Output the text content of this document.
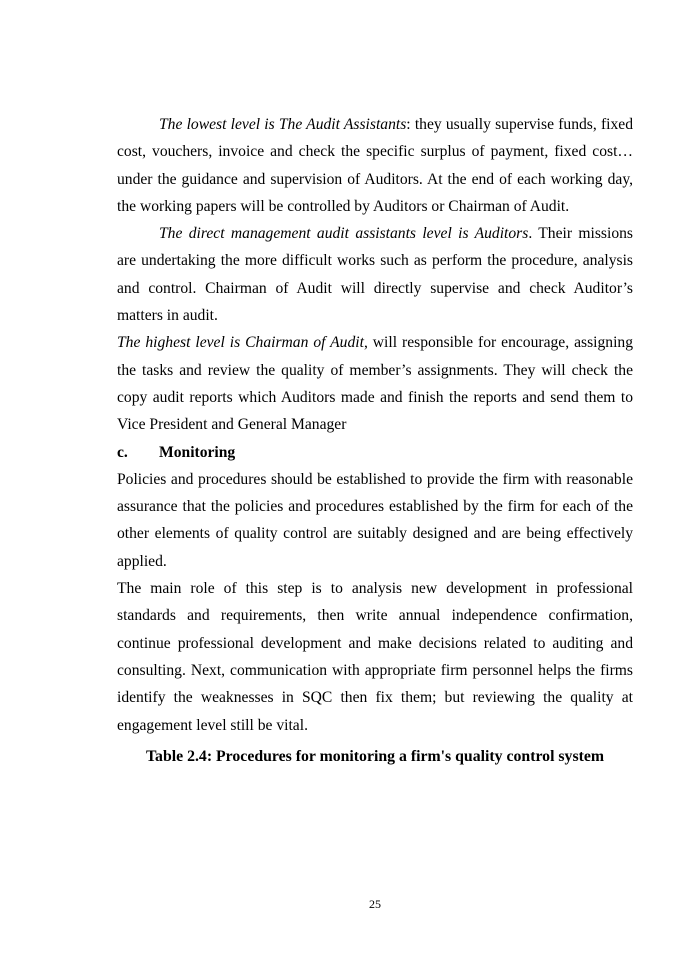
The lowest level is The Audit Assistants: they usually supervise funds, fixed cost, vouchers, invoice and check the specific surplus of payment, fixed cost… under the guidance and supervision of Auditors. At the end of each working day, the working papers will be controlled by Auditors or Chairman of Audit.

The direct management audit assistants level is Auditors. Their missions are undertaking the more difficult works such as perform the procedure, analysis and control. Chairman of Audit will directly supervise and check Auditor’s matters in audit.

The highest level is Chairman of Audit, will responsible for encourage, assigning the tasks and review the quality of member’s assignments. They will check the copy audit reports which Auditors made and finish the reports and send them to Vice President and General Manager

c. Monitoring

Policies and procedures should be established to provide the firm with reasonable assurance that the policies and procedures established by the firm for each of the other elements of quality control are suitably designed and are being effectively applied.

The main role of this step is to analysis new development in professional standards and requirements, then write annual independence confirmation, continue professional development and make decisions related to auditing and consulting. Next, communication with appropriate firm personnel helps the firms identify the weaknesses in SQC then fix them; but reviewing the quality at engagement level still be vital.

Table 2.4: Procedures for monitoring a firm's quality control system

25
